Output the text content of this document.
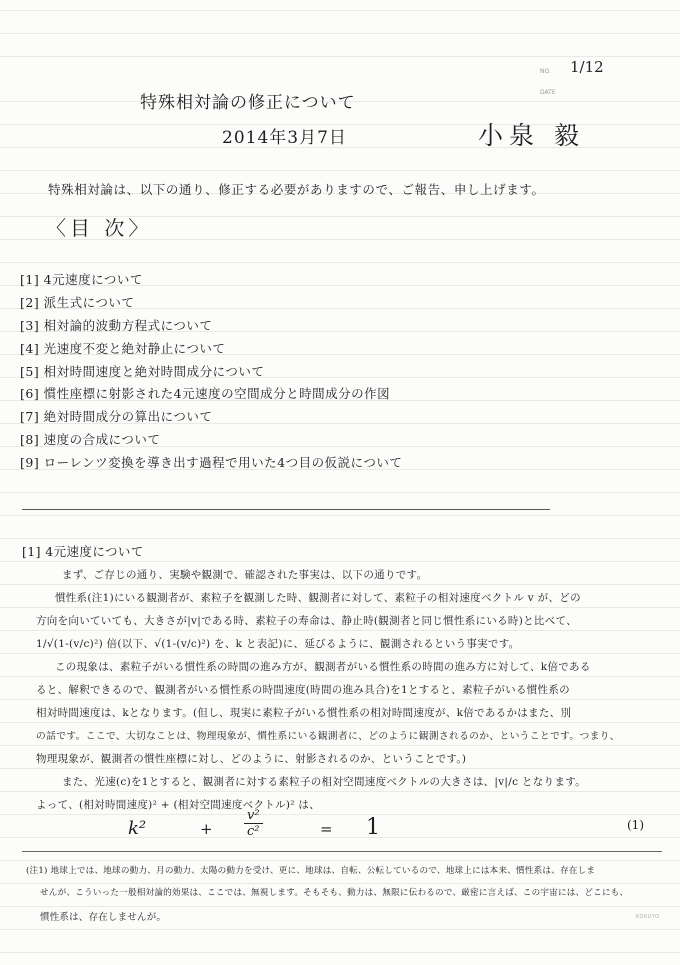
NO.
DATE
1/12
特殊相対論の修正について
2014年3月7日	小泉 毅
特殊相対論は、以下の通り、修正する必要がありますので、ご報告、申し上げます。
〈目 次〉
[1] 4元速度について
[2] 派生式について
[3] 相対論的波動方程式について
[4] 光速度不変と絶対静止について
[5] 相対時間速度と絶対時間成分について
[6] 慣性座標に射影された4元速度の空間成分と時間成分の作図
[7] 絶対時間成分の算出について
[8] 速度の合成について
[9] ローレンツ変換を導き出す過程で用いた4つ目の仮説について
[1] 4元速度について
まず、ご存じの通り、実験や観測で、確認された事実は、以下の通りです。
慣性系(注1)にいる観測者が、素粒子を観測した時、観測者に対して、素粒子の相対速度ベクトル v が、どの
方向を向いていても、大きさが|v|である時、素粒子の寿命は、静止時(観測者と同じ慣性系にいる時)と比べて、
1/√(1-(v/c)²) 倍(以下、√(1-(v/c)²) を、k と表記)に、延びるように、観測されるという事実です。
この現象は、素粒子がいる慣性系の時間の進み方が、観測者がいる慣性系の時間の進み方に対して、k倍である
ると、解釈できるので、観測者がいる慣性系の時間速度(時間の進み具合)を1とすると、素粒子がいる慣性系の
相対時間速度は、kとなります。(但し、現実に素粒子がいる慣性系の相対時間速度が、k倍であるかはまた、別
の話です。ここで、大切なことは、物理現象が、慣性系にいる観測者に、どのように観測されるのか、ということです。つまり、
物理現象が、観測者の慣性座標に対し、どのように、射影されるのか、ということです。)
また、光速(c)を1とすると、観測者に対する素粒子の相対空間速度ベクトルの大きさは、|v|/c となります。
よって、(相対時間速度)² + (相対空間速度ベクトル)² は、
k²	+ $\frac{\text{v²}}{\text{c²}}$	= 1	(1)
(注1) 地球上では、地球の動力、月の動力、太陽の動力を受け、更に、地球は、自転、公転しているので、地球上には本来、慣性系は、存在しま
せんが、こういった一般相対論的効果は、ここでは、無視します。そもそも、動力は、無限に伝わるので、厳密に言えば、この宇宙には、どこにも、
慣性系は、存在しませんが。	KOKUYO
